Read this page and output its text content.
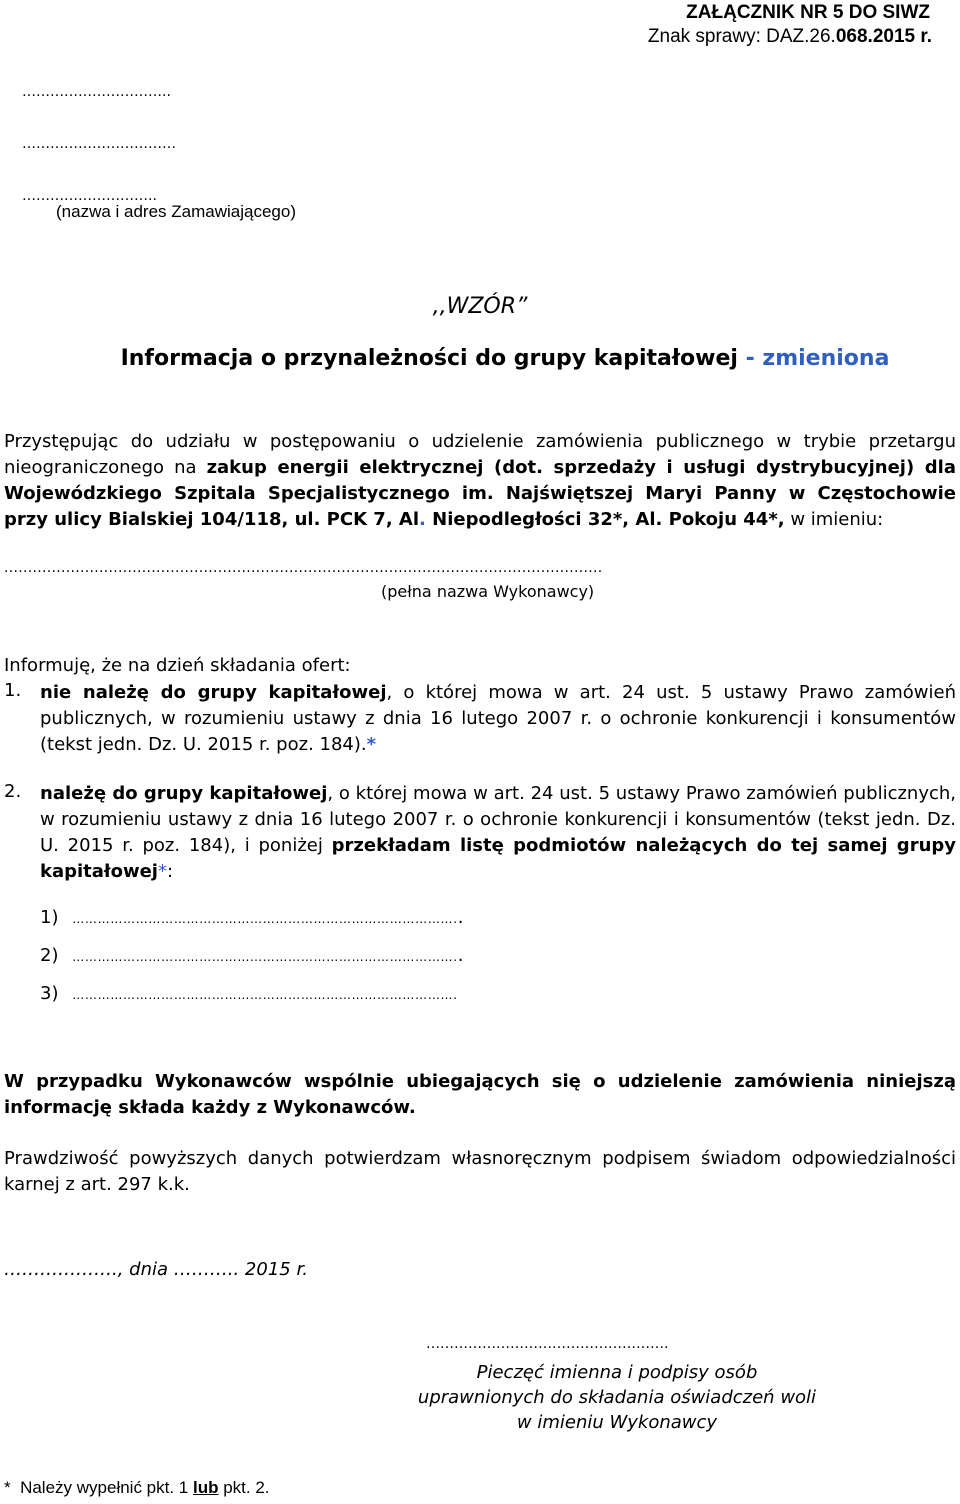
ZAŁĄCZNIK NR 5 DO SIWZ
Znak sprawy: DAZ.26.068.2015 r.
…………………………..
……………………………
………………………..
(nazwa i adres Zamawiającego)
,,WZÓR”
Informacja o przynależności do grupy kapitałowej - zmieniona
Przystępując do udziału w postępowaniu o udzielenie zamówienia publicznego w trybie przetargu nieograniczonego na zakup energii elektrycznej (dot. sprzedaży i usługi dystrybucyjnej) dla Wojewódzkiego Szpitala Specjalistycznego im. Najświętszej Maryi Panny w Częstochowie przy ulicy Bialskiej 104/118, ul. PCK 7, Al. Niepodległości 32*, Al. Pokoju 44*, w imieniu:
..............................................................................................................................
(pełna nazwa Wykonawcy)
Informuję, że na dzień składania ofert:
1. nie należę do grupy kapitałowej, o której mowa w art. 24 ust. 5 ustawy Prawo zamówień publicznych, w rozumieniu ustawy z dnia 16 lutego 2007 r. o ochronie konkurencji i konsumentów (tekst jedn. Dz. U. 2015 r. poz. 184).*
2. należę do grupy kapitałowej, o której mowa w art. 24 ust. 5 ustawy Prawo zamówień publicznych, w rozumieniu ustawy z dnia 16 lutego 2007 r. o ochronie konkurencji i konsumentów (tekst jedn. Dz. U. 2015 r. poz. 184), i poniżej przekładam listę podmiotów należących do tej samej grupy kapitałowej*:
1) ………………………………………………………………………………..
2) ………………………………………………………………………………..
3) ……………………………………………………………………………….
W przypadku Wykonawców wspólnie ubiegających się o udzielenie zamówienia niniejszą informację składa każdy z Wykonawców.
Prawdziwość powyższych danych potwierdzam własnoręcznym podpisem świadom odpowiedzialności karnej z art. 297 k.k.
………………., dnia ……….. 2015 r.
…………………………………………….
Pieczęć imienna i podpisy osób
uprawnionych do składania oświadczeń woli
w imieniu Wykonawcy
*  Należy wypełnić pkt. 1 lub pkt. 2.
